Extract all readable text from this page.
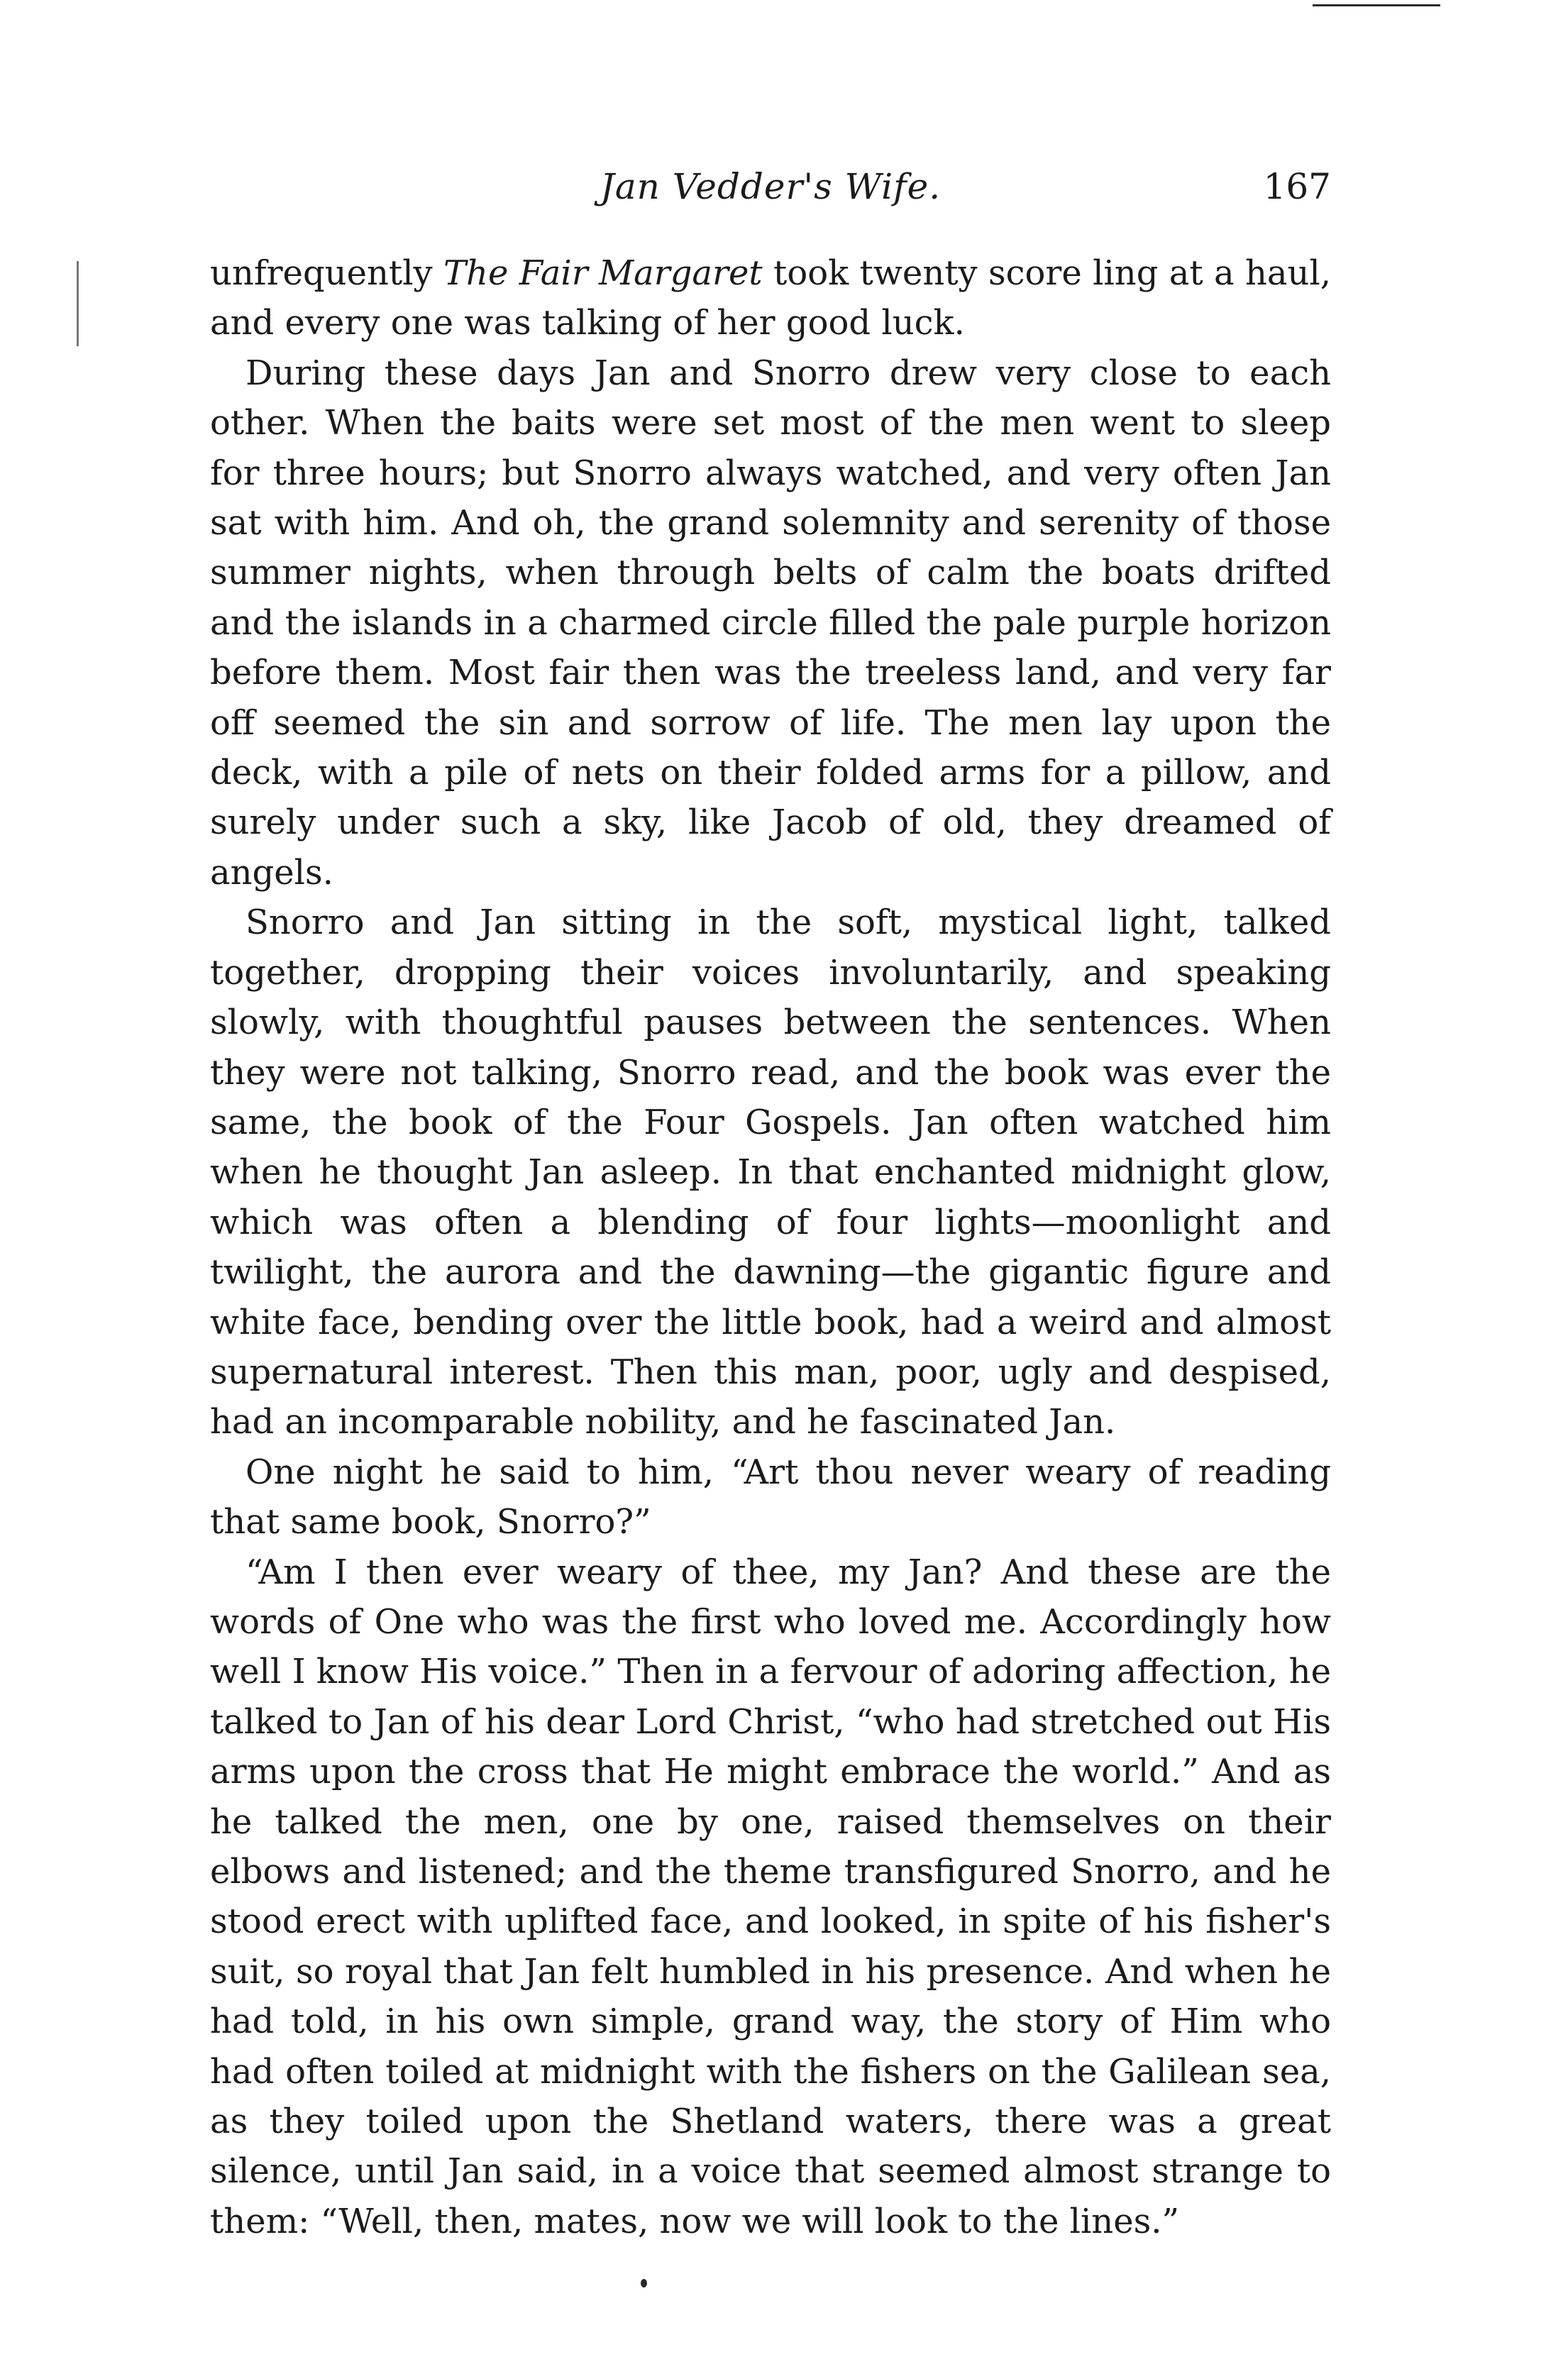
Jan Vedder's Wife.	167

unfrequently The Fair Margaret took twenty score ling at a haul, and every one was talking of her good luck.

During these days Jan and Snorro drew very close to each other. When the baits were set most of the men went to sleep for three hours; but Snorro always watched, and very often Jan sat with him. And oh, the grand solemnity and serenity of those summer nights, when through belts of calm the boats drifted and the islands in a charmed circle filled the pale purple horizon before them. Most fair then was the treeless land, and very far off seemed the sin and sorrow of life. The men lay upon the deck, with a pile of nets on their folded arms for a pillow, and surely under such a sky, like Jacob of old, they dreamed of angels.

Snorro and Jan sitting in the soft, mystical light, talked together, dropping their voices involuntarily, and speaking slowly, with thoughtful pauses between the sentences. When they were not talking, Snorro read, and the book was ever the same, the book of the Four Gospels. Jan often watched him when he thought Jan asleep. In that enchanted midnight glow, which was often a blending of four lights—moonlight and twilight, the aurora and the dawning—the gigantic figure and white face, bending over the little book, had a weird and almost supernatural interest. Then this man, poor, ugly and despised, had an incomparable nobility, and he fascinated Jan.

One night he said to him, “Art thou never weary of reading that same book, Snorro?”

“Am I then ever weary of thee, my Jan? And these are the words of One who was the first who loved me. Accordingly how well I know His voice.” Then in a fervour of adoring affection, he talked to Jan of his dear Lord Christ, “who had stretched out His arms upon the cross that He might embrace the world.” And as he talked the men, one by one, raised themselves on their elbows and listened; and the theme transfigured Snorro, and he stood erect with uplifted face, and looked, in spite of his fisher's suit, so royal that Jan felt humbled in his presence. And when he had told, in his own simple, grand way, the story of Him who had often toiled at midnight with the fishers on the Galilean sea, as they toiled upon the Shetland waters, there was a great silence, until Jan said, in a voice that seemed almost strange to them: “Well, then, mates, now we will look to the lines.”
